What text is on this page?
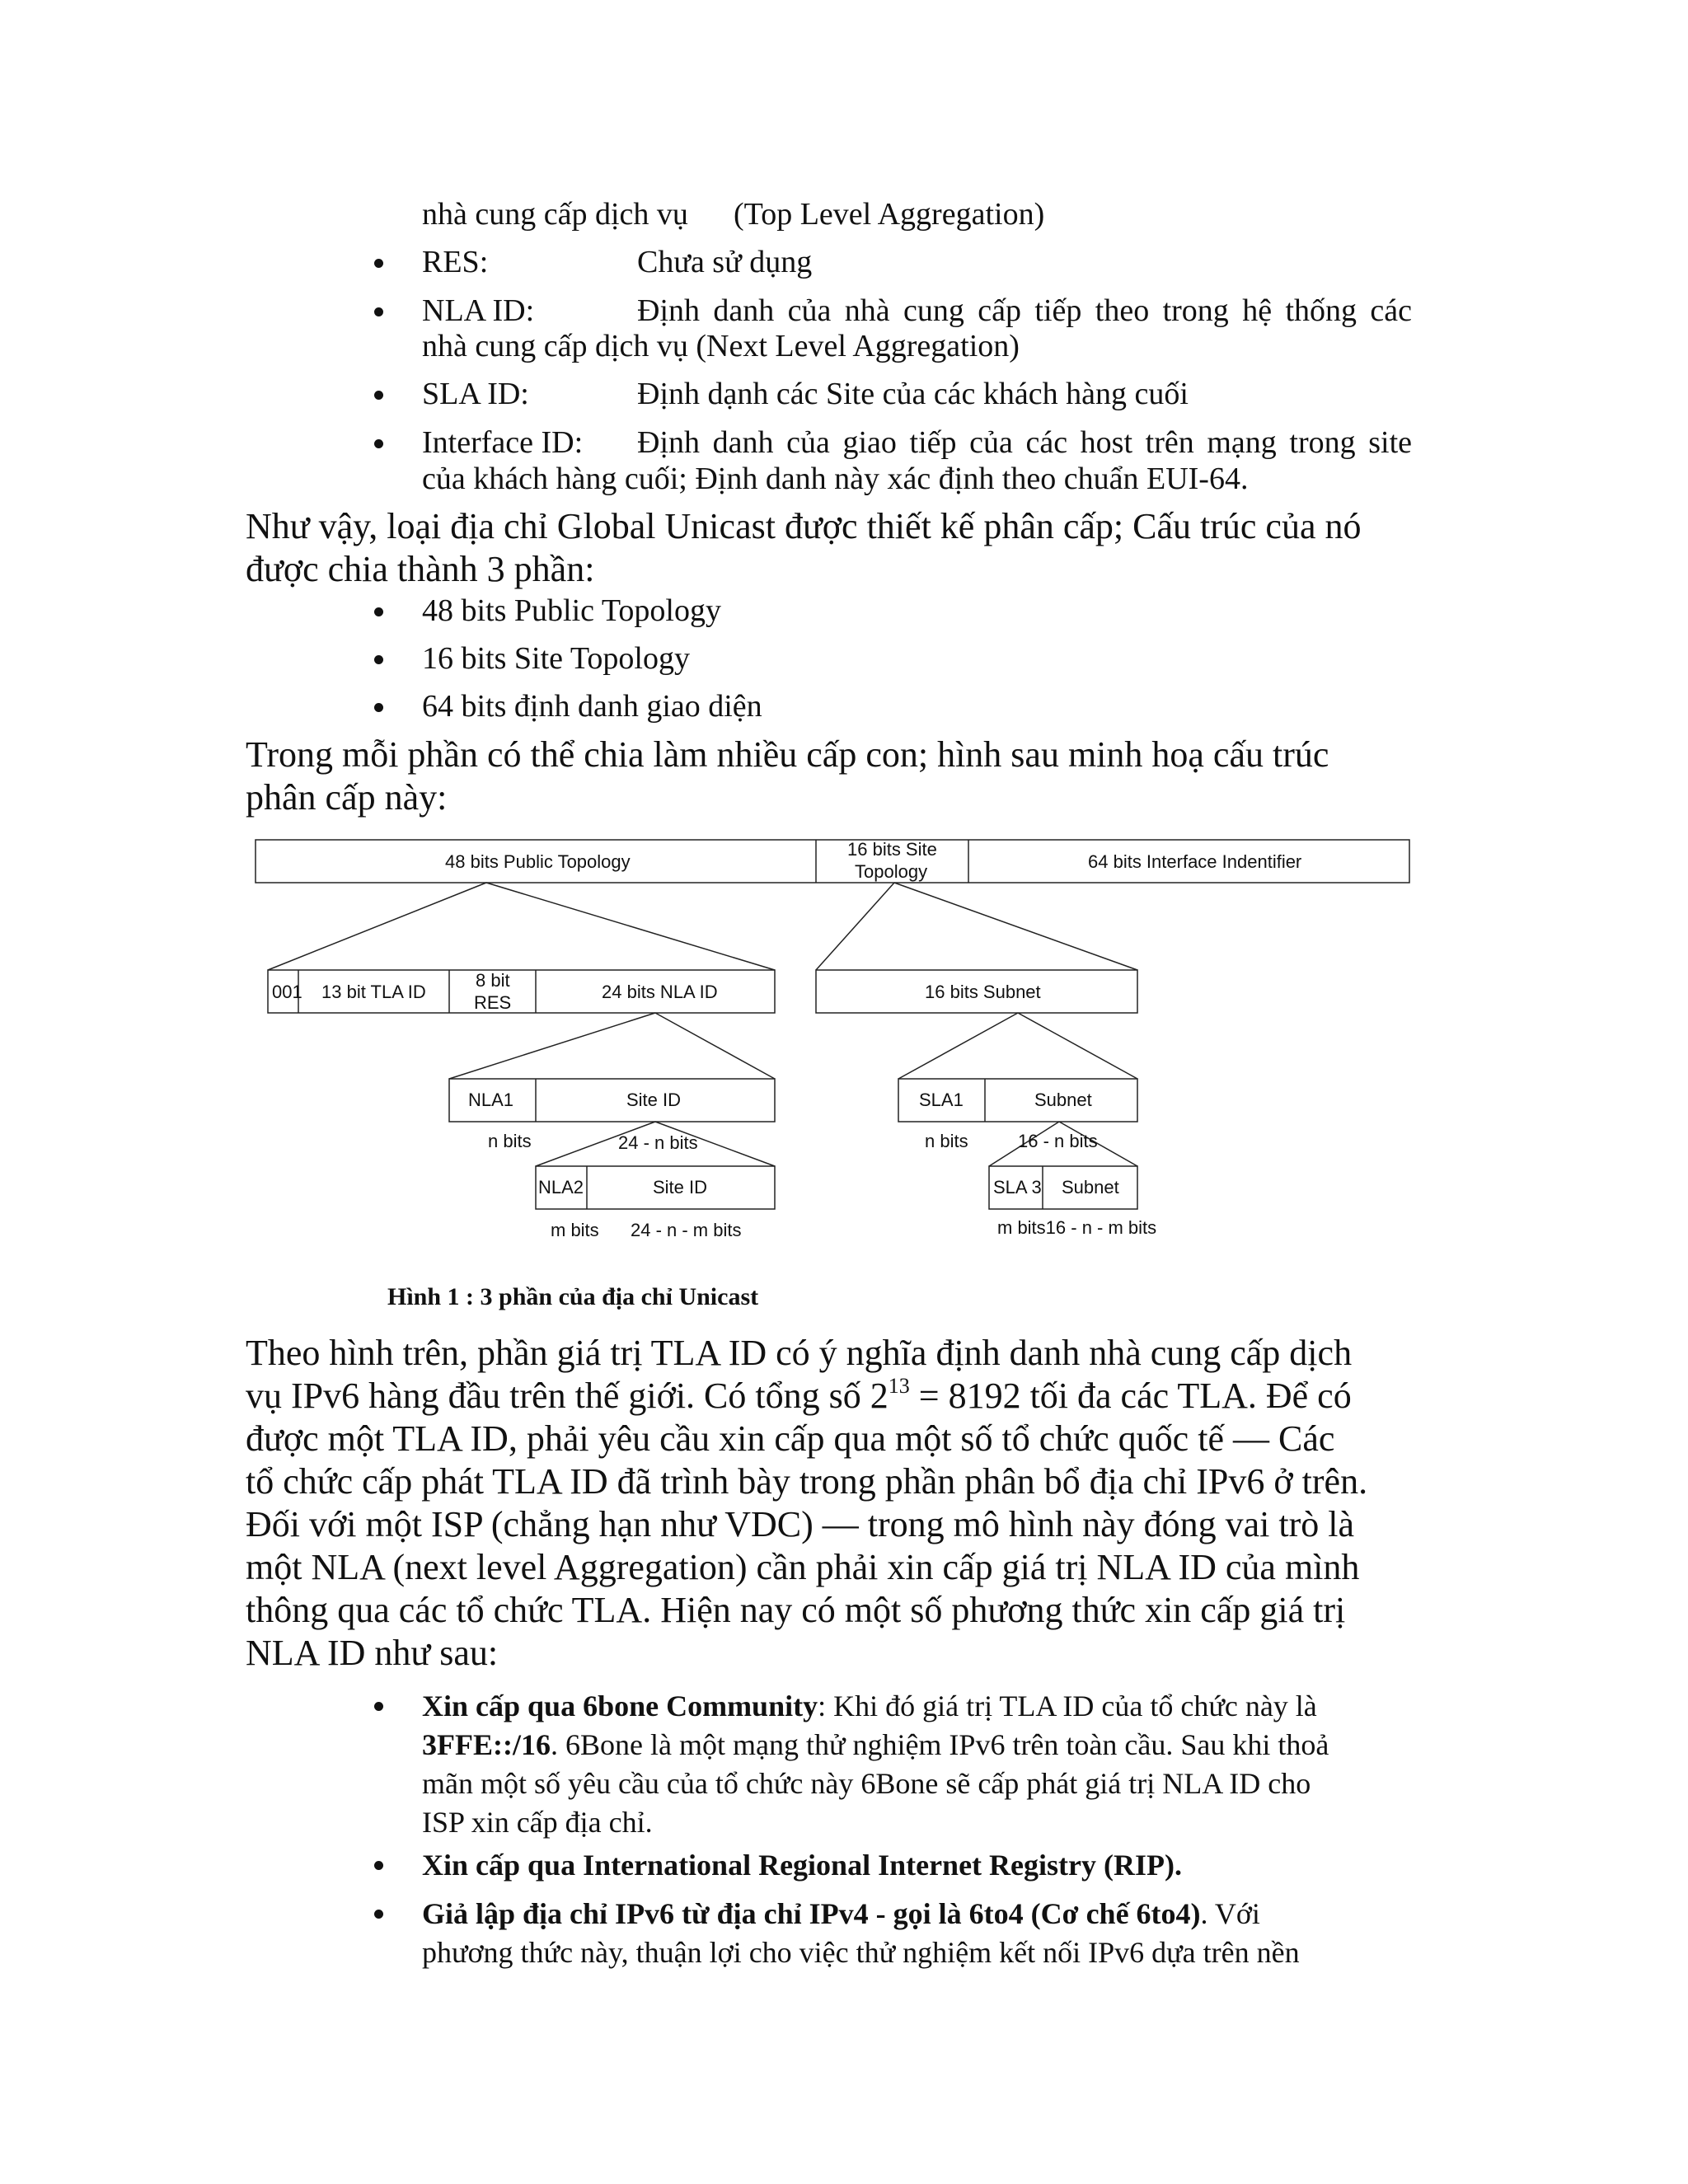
nhà cung cấp dịch vụ (Top Level Aggregation)
RES:	Chưa sử dụng
NLA ID:	Định danh của nhà cung cấp tiếp theo trong hệ thống các
nhà cung cấp dịch vụ (Next Level Aggregation)
SLA ID:	Định dạnh các Site của các khách hàng cuối
Interface ID: Định danh của giao tiếp của các host trên mạng trong site
của khách hàng cuối; Định danh này xác định theo chuẩn EUI-64.
Như vậy, loại địa chỉ Global Unicast được thiết kế phân cấp; Cấu trúc của nó
được chia thành 3 phần:
48 bits Public Topology
16 bits Site Topology
64 bits định danh giao diện
Trong mỗi phần có thể chia làm nhiều cấp con; hình sau minh hoạ cấu trúc
phân cấp này:
48 bits Public Topology
16 bits Site
Topology	64 bits Interface Indentifier
001 13 bit TLA ID
8 bit
RES
24 bits NLA ID	16 bits Subnet
NLA1	Site ID
n bits	24 - n bits
SLA1	Subnet
n bits	16 - n bits
NLA2	Site ID
m bits 24 - n - m bits
SLA 3 Subnet
m bits16 - n - m bits
Hình 1 : 3 phần của địa chỉ Unicast
Theo hình trên, phần giá trị TLA ID có ý nghĩa định danh nhà cung cấp dịch
vụ IPv6 hàng đầu trên thế giới. Có tổng số $2^{13} = 8192$ tối đa các TLA. Để có
được một TLA ID, phải yêu cầu xin cấp qua một số tổ chức quốc tế — Các
tổ chức cấp phát TLA ID đã trình bày trong phần phân bổ địa chỉ IPv6 ở trên.
Đối với một ISP (chẳng hạn như VDC) — trong mô hình này đóng vai trò là
một NLA (next level Aggregation) cần phải xin cấp giá trị NLA ID của mình
thông qua các tổ chức TLA. Hiện nay có một số phương thức xin cấp giá trị
NLA ID như sau:
Xin cấp qua 6bone Community: Khi đó giá trị TLA ID của tổ chức này là
3FFE::/16. 6Bone là một mạng thử nghiệm IPv6 trên toàn cầu. Sau khi thoả
mãn một số yêu cầu của tổ chức này 6Bone sẽ cấp phát giá trị NLA ID cho
ISP xin cấp địa chỉ.
Xin cấp qua International Regional Internet Registry (RIP).
Giả lập địa chỉ IPv6 từ địa chỉ IPv4 - gọi là 6to4 (Cơ chế 6to4). Với
phương thức này, thuận lợi cho việc thử nghiệm kết nối IPv6 dựa trên nền
